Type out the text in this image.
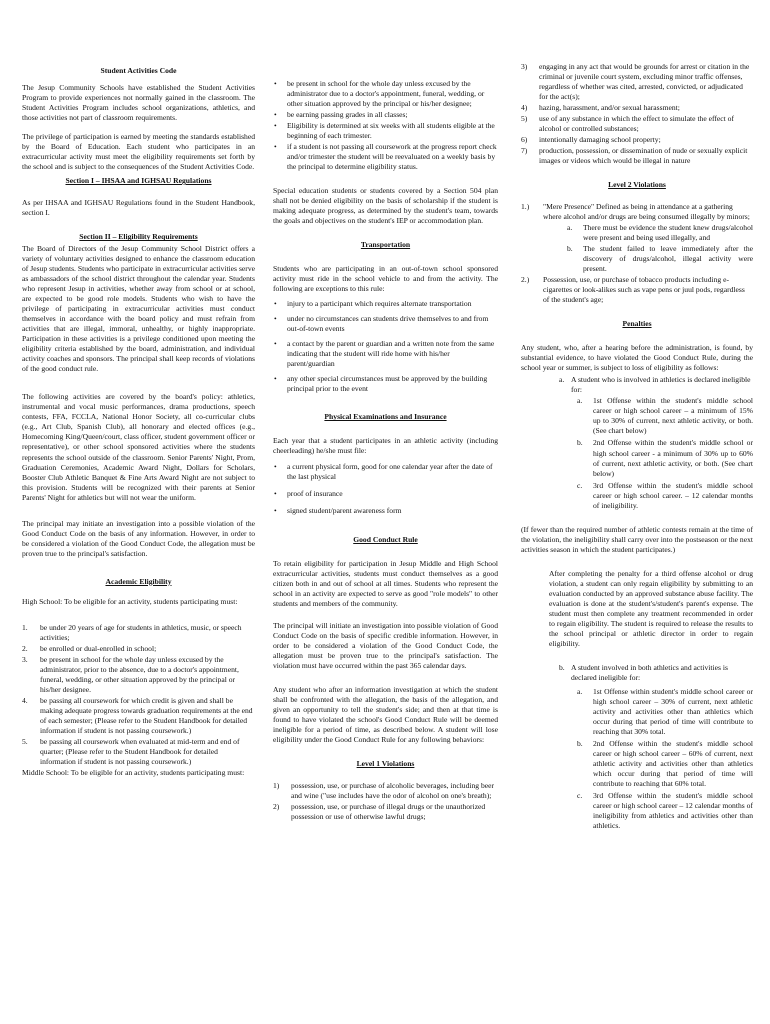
Student Activities Code

The Jesup Community Schools have established the Student Activities Program to provide experiences not normally gained in the classroom. The Student Activities Program includes school organizations, athletics, and those activities not part of classroom requirements.

The privilege of participation is earned by meeting the standards established by the Board of Education. Each student who participates in an extracurricular activity must meet the eligibility requirements set forth by the school and is subject to the consequences of the Student Activities Code.

Section I – IHSAA and IGHSAU Regulations

As per IHSAA and IGHSAU Regulations found in the Student Handbook, section I.

Section II – Eligibility Requirements

The Board of Directors of the Jesup Community School District offers a variety of voluntary activities designed to enhance the classroom education of Jesup students. Students who participate in extracurricular activities serve as ambassadors of the school district throughout the calendar year. Students who represent Jesup in activities, whether away from school or at school, are expected to be good role models. Students who wish to have the privilege of participating in extracurricular activities must conduct themselves in accordance with the board policy and must refrain from activities that are illegal, immoral, unhealthy, or highly inappropriate. Participation in these activities is a privilege conditioned upon meeting the eligibility criteria established by the board, administration, and individual activity coaches and sponsors. The principal shall keep records of violations of the good conduct rule.

The following activities are covered by the board's policy: athletics, instrumental and vocal music performances, drama productions, speech contests, FFA, FCCLA, National Honor Society, all co-curricular clubs (e.g., Art Club, Spanish Club), all honorary and elected offices (e.g., Homecoming King/Queen/court, class officer, student government officer or representative), or other school sponsored activities where the students represents the school outside of the classroom. Senior Parents' Night, Prom, Graduation Ceremonies, Academic Award Night, Dollars for Scholars, Booster Club Athletic Banquet & Fine Arts Award Night are not subject to this provision. Students will be recognized with their parents at Senior Parents' Night for athletics but will not wear the uniform.

The principal may initiate an investigation into a possible violation of the Good Conduct Code on the basis of any information. However, in order to be considered a violation of the Good Conduct Code, the allegation must be proven true to the principal's satisfaction.

Academic Eligibility

High School: To be eligible for an activity, students participating must:

1. be under 20 years of age for students in athletics, music, or speech activities;
2. be enrolled or dual-enrolled in school;
3. be present in school for the whole day unless excused by the administrator, prior to the absence, due to a doctor's appointment, funeral, wedding, or other situation approved by the principal or his/her designee.
4. be passing all coursework for which credit is given and shall be making adequate progress towards graduation requirements at the end of each semester; (Please refer to the Student Handbook for detailed information if student is not passing coursework.)
5. be passing all coursework when evaluated at mid-term and end of quarter; (Please refer to the Student Handbook for detailed information if student is not passing coursework.)
Middle School: To be eligible for an activity, students participating must:
• be present in school for the whole day unless excused by the administrator due to a doctor's appointment, funeral, wedding, or other situation approved by the principal or his/her designee;
• be earning passing grades in all classes;
• Eligibility is determined at six weeks with all students eligible at the beginning of each trimester.
• if a student is not passing all coursework at the progress report check and/or trimester the student will be reevaluated on a weekly basis by the principal to determine eligibility status.

Special education students or students covered by a Section 504 plan shall not be denied eligibility on the basis of scholarship if the student is making adequate progress, as determined by the student's team, towards the goals and objectives on the student's IEP or accommodation plan.

Transportation

Students who are participating in an out-of-town school sponsored activity must ride in the school vehicle to and from the activity. The following are exceptions to this rule:

• injury to a participant which requires alternate transportation
• under no circumstances can students drive themselves to and from out-of-town events
• a contact by the parent or guardian and a written note from the same indicating that the student will ride home with his/her parent/guardian
• any other special circumstances must be approved by the building principal prior to the event
Physical Examinations and Insurance

Each year that a student participates in an athletic activity (including cheerleading) he/she must file:

• a current physical form, good for one calendar year after the date of the last physical
• proof of insurance
• signed student/parent awareness form
Good Conduct Rule

To retain eligibility for participation in Jesup Middle and High School extracurricular activities, students must conduct themselves as a good citizen both in and out of school at all times. Students who represent the school in an activity are expected to serve as good "role models" to other students and members of the community.

The principal will initiate an investigation into possible violation of Good Conduct Code on the basis of specific credible information. However, in order to be considered a violation of the Good Conduct Code, the allegation must be proven true to the principal's satisfaction. The violation must have occurred within the past 365 calendar days.

Any student who after an information investigation at which the student shall be confronted with the allegation, the basis of the allegation, and given an opportunity to tell the student's side; and then at that time is found to have violated the school's Good Conduct Rule will be deemed ineligible for a period of time, as described below. A student will lose eligibility under the Good Conduct Rule for any following behaviors:

Level 1 Violations
1) possession, use, or purchase of alcoholic beverages, including beer and wine ("use includes have the odor of alcohol on one's breath);
2) possession, use, or purchase of illegal drugs or the unauthorized possession or use of otherwise lawful drugs;
3) engaging in any act that would be grounds for arrest or citation in the criminal or juvenile court system, excluding minor traffic offenses, regardless of whether was cited, arrested, convicted, or adjudicated for the act(s);
4) hazing, harassment, and/or sexual harassment;
5) use of any substance in which the effect to simulate the effect of alcohol or controlled substances;
6) intentionally damaging school property;
7) production, possession, or dissemination of nude or sexually explicit images or videos which would be illegal in nature
Level 2 Violations
1.) "Mere Presence" Defined as being in attendance at a gathering where alcohol and/or drugs are being consumed illegally by minors;
a. There must be evidence the student knew drugs/alcohol were present and being used illegally, and
b. The student failed to leave immediately after the discovery of drugs/alcohol, illegal activity were present.
2.) Possession, use, or purchase of tobacco products including e-cigarettes or look-alikes such as vape pens or juul pods, regardless of the student's age;
Penalties

Any student, who, after a hearing before the administration, is found, by substantial evidence, to have violated the Good Conduct Rule, during the school year or summer, is subject to loss of eligibility as follows:

a. A student who is involved in athletics is declared ineligible for:
a. 1st Offense within the student's middle school career or high school career – a minimum of 15% up to 30% of current, next athletic activity, or both. (See chart below)
b. 2nd Offense within the student's middle school or high school career - a minimum of 30% up to 60% of current, next athletic activity, or both. (See chart below)
c. 3rd Offense within the student's middle school career or high school career. – 12 calendar months of ineligibility.

(If fewer than the required number of athletic contests remain at the time of the violation, the ineligibility shall carry over into the postseason or the next activities season in which the student participates.)

After completing the penalty for a third offense alcohol or drug violation, a student can only regain eligibility by submitting to an evaluation conducted by an approved substance abuse facility. The evaluation is done at the student's/student's parent's expense. The student must then complete any treatment recommended in order to regain eligibility. The student is required to release the results to the school principal or athletic director in order to regain eligibility.

b. A student involved in both athletics and activities is declared ineligible for:
a. 1st Offense within student's middle school career or high school career – 30% of current, next athletic activity and activities other than athletics which occur during that period of time will contribute to reaching that 30% total.
b. 2nd Offense within the student's middle school career or high school career – 60% of current, next athletic activity and activities other than athletics which occur during that period of time will contribute to reaching that 60% total.
c. 3rd Offense within the student's middle school career or high school career – 12 calendar months of ineligibility from athletics and activities other than athletics.
